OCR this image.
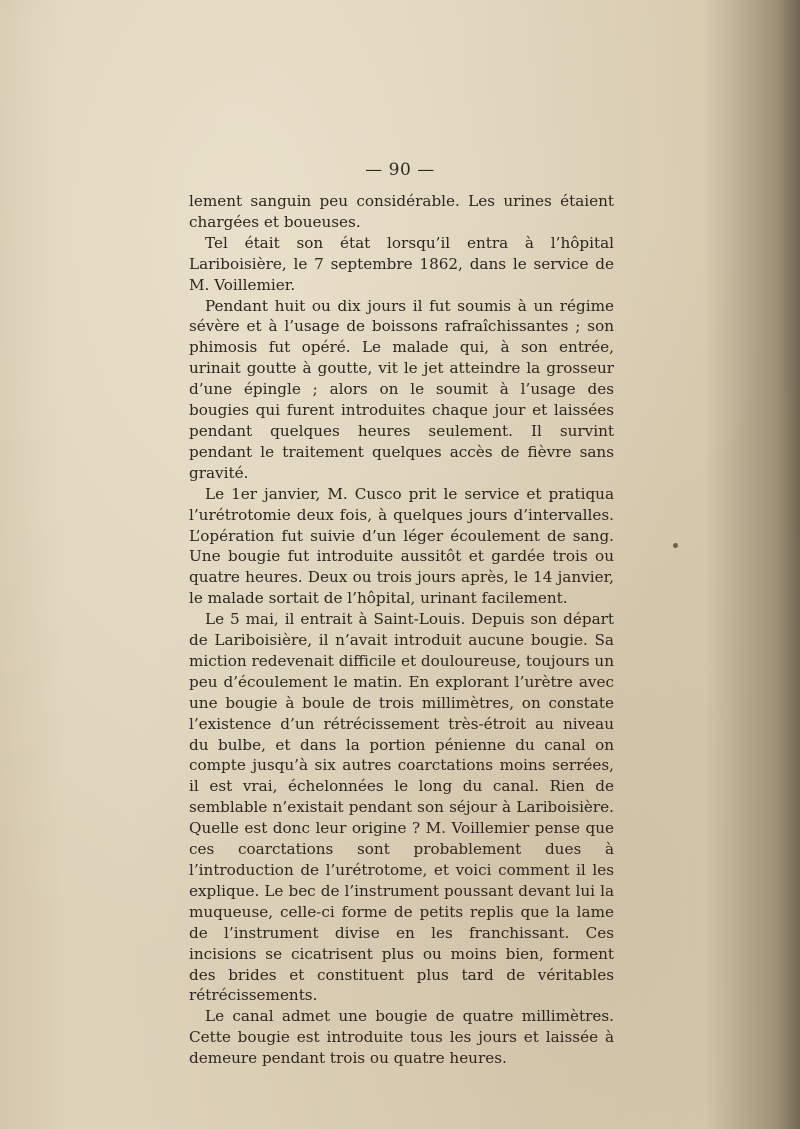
— 90 —

lement sanguin peu considérable. Les urines étaient chargées et boueuses.

Tel était son état lorsqu’il entra à l’hôpital Lariboisière, le 7 septembre 1862, dans le service de M. Voillemier.

Pendant huit ou dix jours il fut soumis à un régime sévère et à l’usage de boissons rafraîchissantes ; son phimosis fut opéré. Le malade qui, à son entrée, urinait goutte à goutte, vit le jet atteindre la grosseur d’une épingle ; alors on le soumit à l’usage des bougies qui furent introduites chaque jour et laissées pendant quelques heures seulement. Il survint pendant le traitement quelques accès de fièvre sans gravité.

Le 1er janvier, M. Cusco prit le service et pratiqua l’urétrotomie deux fois, à quelques jours d’intervalles. L’opération fut suivie d’un léger écoulement de sang. Une bougie fut introduite aussitôt et gardée trois ou quatre heures. Deux ou trois jours après, le 14 janvier, le malade sortait de l’hôpital, urinant facilement.

Le 5 mai, il entrait à Saint-Louis. Depuis son départ de Lariboisière, il n’avait introduit aucune bougie. Sa miction redevenait difficile et douloureuse, toujours un peu d’écoulement le matin. En explorant l’urètre avec une bougie à boule de trois millimètres, on constate l’existence d’un rétrécissement très-étroit au niveau du bulbe, et dans la portion pénienne du canal on compte jusqu’à six autres coarctations moins serrées, il est vrai, échelonnées le long du canal. Rien de semblable n’existait pendant son séjour à Lariboisière. Quelle est donc leur origine ? M. Voillemier pense que ces coarctations sont probablement dues à l’introduction de l’urétrotome, et voici comment il les explique. Le bec de l’instrument poussant devant lui la muqueuse, celle-ci forme de petits replis que la lame de l’instrument divise en les franchissant. Ces incisions se cicatrisent plus ou moins bien, forment des brides et constituent plus tard de véritables rétrécissements.

Le canal admet une bougie de quatre millimètres. Cette bougie est introduite tous les jours et laissée à demeure pendant trois ou quatre heures.
